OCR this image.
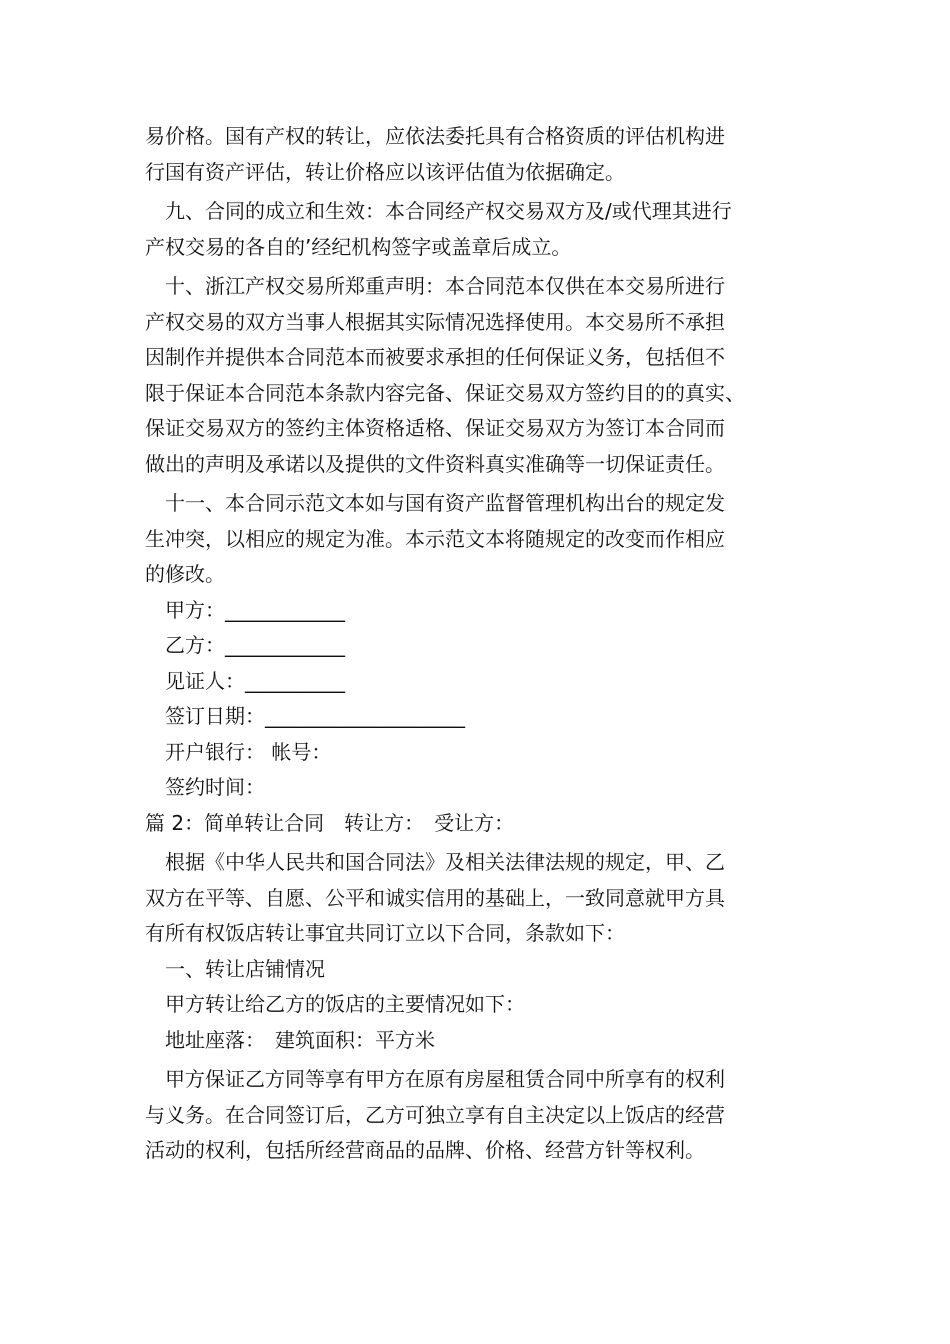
易价格。国有产权的转让，应依法委托具有合格资质的评估机构进
行国有资产评估，转让价格应以该评估值为依据确定。

九、合同的成立和生效：本合同经产权交易双方及/或代理其进行
产权交易的各自的’经纪机构签字或盖章后成立。

十、浙江产权交易所郑重声明：本合同范本仅供在本交易所进行
产权交易的双方当事人根据其实际情况选择使用。本交易所不承担
因制作并提供本合同范本而被要求承担的任何保证义务，包括但不
限于保证本合同范本条款内容完备、保证交易双方签约目的的真实、
保证交易双方的签约主体资格适格、保证交易双方为签订本合同而
做出的声明及承诺以及提供的文件资料真实准确等一切保证责任。

十一、本合同示范文本如与国有资产监督管理机构出台的规定发
生冲突，以相应的规定为准。本示范文本将随规定的改变而作相应
的修改。

甲方：____________

乙方：____________

见证人：__________

签订日期：____________________

开户银行： 帐号：

签约时间：

篇 2：简单转让合同　转让方：　受让方：

根据《中华人民共和国合同法》及相关法律法规的规定，甲、乙
双方在平等、自愿、公平和诚实信用的基础上，一致同意就甲方具
有所有权饭店转让事宜共同订立以下合同，条款如下：

一、转让店铺情况

甲方转让给乙方的饭店的主要情况如下：

地址座落：　建筑面积：平方米

甲方保证乙方同等享有甲方在原有房屋租赁合同中所享有的权利
与义务。在合同签订后，乙方可独立享有自主决定以上饭店的经营
活动的权利，包括所经营商品的品牌、价格、经营方针等权利。
